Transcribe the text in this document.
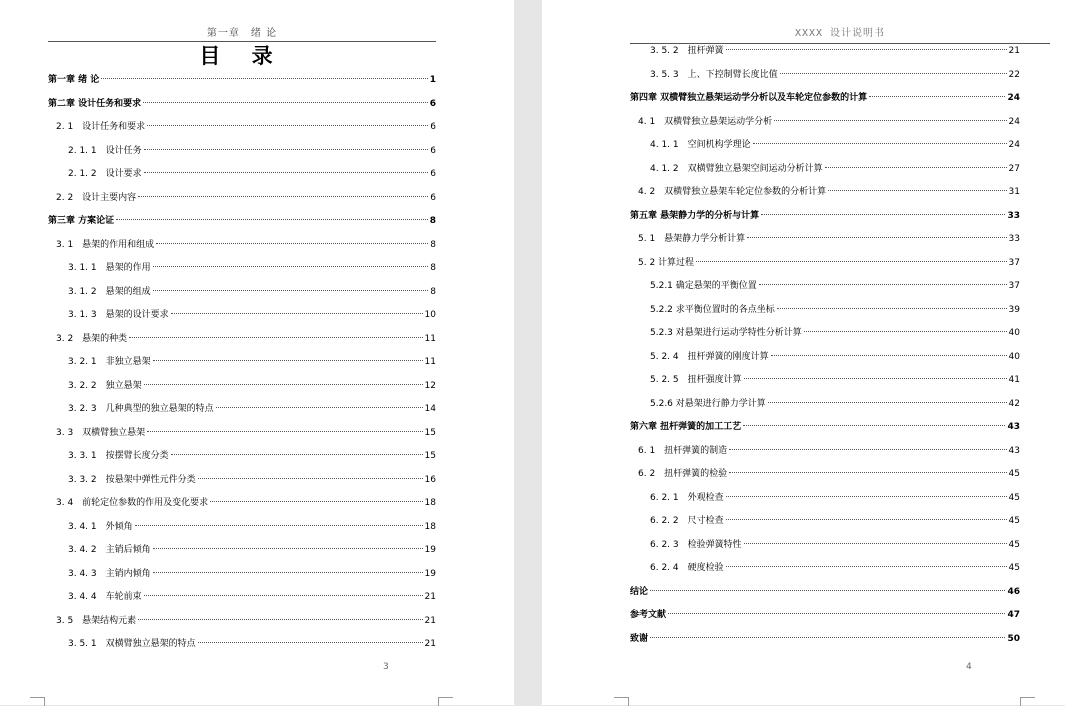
第一章　绪 论
目 录
第一章 绪 论	1
第二章 设计任务和要求	6
2. 1　设计任务和要求	6
2. 1. 1　设计任务	6
2. 1. 2　设计要求	6
2. 2　设计主要内容	6
第三章 方案论证	8
3. 1　悬架的作用和组成	8
3. 1. 1　悬架的作用	8
3. 1. 2　悬架的组成	8
3. 1. 3　悬架的设计要求	10
3. 2　悬架的种类	11
3. 2. 1　非独立悬架	11
3. 2. 2　独立悬架	12
3. 2. 3　几种典型的独立悬架的特点	14
3. 3　双横臂独立悬架	15
3. 3. 1　按摆臂长度分类	15
3. 3. 2　按悬架中弹性元件分类	16
3. 4　前轮定位参数的作用及变化要求	18
3. 4. 1　外倾角	18
3. 4. 2　主销后倾角	19
3. 4. 3　主销内倾角	19
3. 4. 4　车轮前束	21
3. 5　悬架结构元素	21
3. 5. 1　双横臂独立悬架的特点	21
3
XXXX 设计说明书
4
3. 5. 2　扭杆弹簧	21
3. 5. 3　上、下控制臂长度比值	22
第四章 双横臂独立悬架运动学分析以及车轮定位参数的计算	24
4. 1　双横臂独立悬架运动学分析	24
4. 1. 1　空间机构学理论	24
4. 1. 2　双横臂独立悬架空间运动分析计算	27
4. 2　双横臂独立悬架车轮定位参数的分析计算	31
第五章 悬架静力学的分析与计算	33
5. 1　悬架静力学分析计算	33
5. 2 计算过程	37
5.2.1 确定悬架的平衡位置	37
5.2.2 求平衡位置时的各点坐标	39
5.2.3 对悬架进行运动学特性分析计算	40
5. 2. 4　扭杆弹簧的刚度计算	40
5. 2. 5　扭杆强度计算	41
5.2.6 对悬架进行静力学计算	42
第六章 扭杆弹簧的加工工艺	43
6. 1　扭杆弹簧的制造	43
6. 2　扭杆弹簧的检验	45
6. 2. 1　外观检查	45
6. 2. 2　尺寸检查	45
6. 2. 3　检验弹簧特性	45
6. 2. 4　硬度检验	45
结论	46
参考文献	47
致谢	50
